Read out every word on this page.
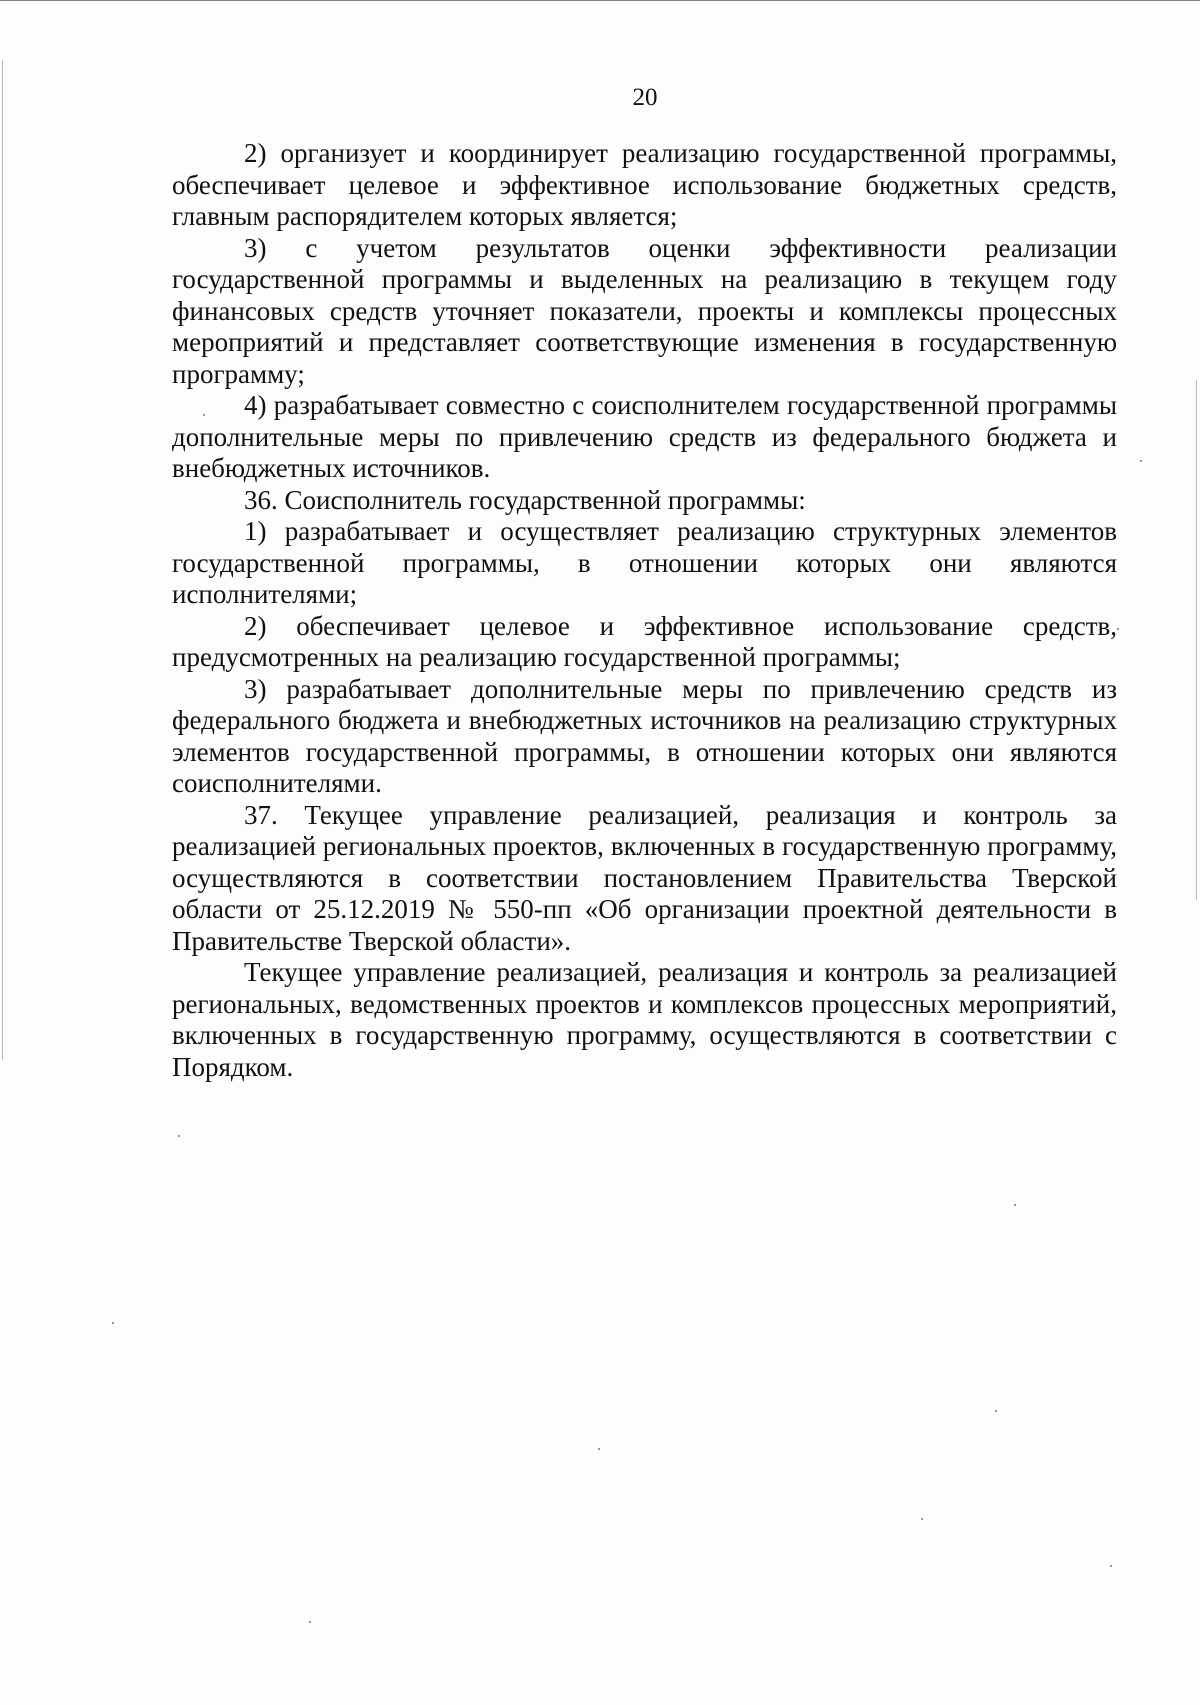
20

2) организует и координирует реализацию государственной программы, обеспечивает целевое и эффективное использование бюджетных средств, главным распорядителем которых является;

3) с учетом результатов оценки эффективности реализации государственной программы и выделенных на реализацию в текущем году финансовых средств уточняет показатели, проекты и комплексы процессных мероприятий и представляет соответствующие изменения в государственную программу;

4) разрабатывает совместно с соисполнителем государственной программы дополнительные меры по привлечению средств из федерального бюджета и внебюджетных источников.

36. Соисполнитель государственной программы:

1) разрабатывает и осуществляет реализацию структурных элементов государственной программы, в отношении которых они являются исполнителями;

2) обеспечивает целевое и эффективное использование средств, предусмотренных на реализацию государственной программы;

3) разрабатывает дополнительные меры по привлечению средств из федерального бюджета и внебюджетных источников на реализацию структурных элементов государственной программы, в отношении которых они являются соисполнителями.

37. Текущее управление реализацией, реализация и контроль за реализацией региональных проектов, включенных в государственную программу, осуществляются в соответствии постановлением Правительства Тверской области от 25.12.2019 № 550-пп «Об организации проектной деятельности в Правительстве Тверской области».

Текущее управление реализацией, реализация и контроль за реализацией региональных, ведомственных проектов и комплексов процессных мероприятий, включенных в государственную программу, осуществляются в соответствии с Порядком.
